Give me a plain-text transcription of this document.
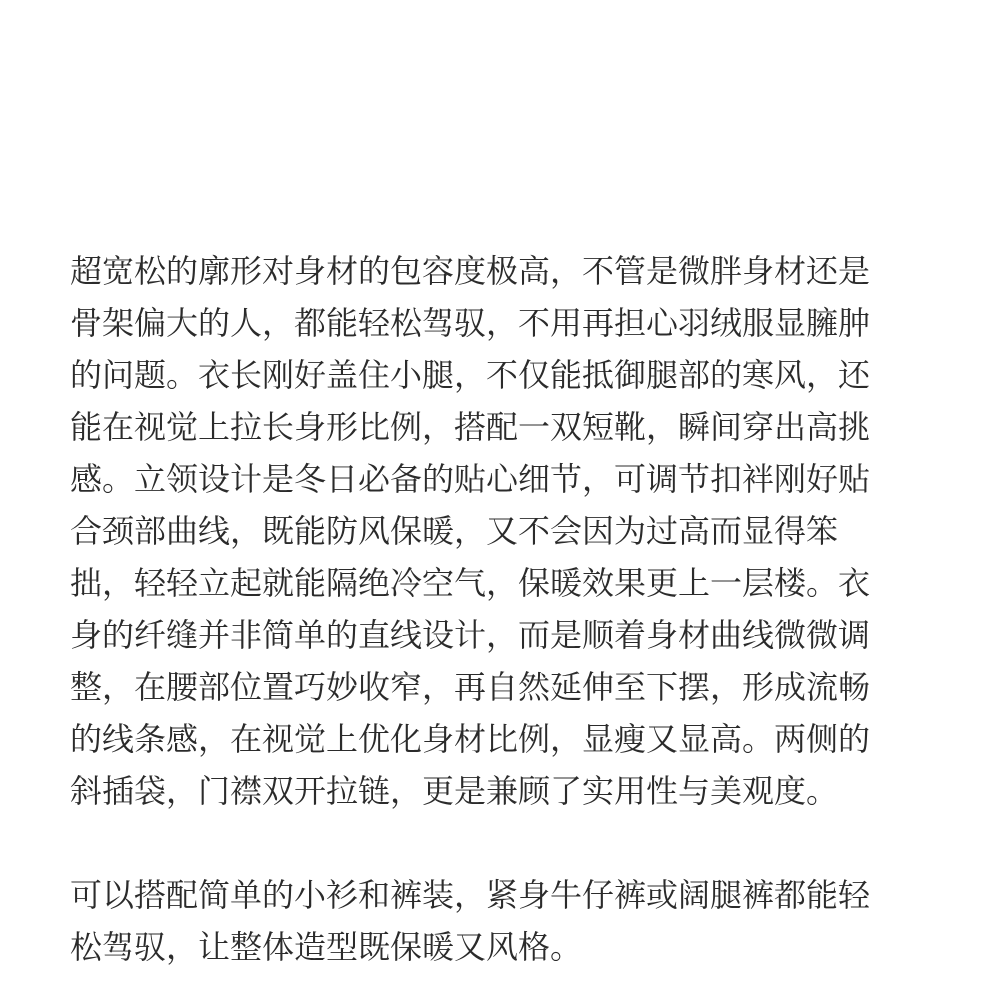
超宽松的廓形对身材的包容度极高，不管是微胖身材还是
骨架偏大的人，都能轻松驾驭，不用再担心羽绒服显臃肿
的问题。衣长刚好盖住小腿，不仅能抵御腿部的寒风，还
能在视觉上拉长身形比例，搭配一双短靴，瞬间穿出高挑
感。立领设计是冬日必备的贴心细节，可调节扣袢刚好贴
合颈部曲线，既能防风保暖，又不会因为过高而显得笨
拙，轻轻立起就能隔绝冷空气，保暖效果更上一层楼。衣
身的纤缝并非简单的直线设计，而是顺着身材曲线微微调
整，在腰部位置巧妙收窄，再自然延伸至下摆，形成流畅
的线条感，在视觉上优化身材比例，显瘦又显高。两侧的
斜插袋，门襟双开拉链，更是兼顾了实用性与美观度。
可以搭配简单的小衫和裤装，紧身牛仔裤或阔腿裤都能轻
松驾驭，让整体造型既保暖又风格。
